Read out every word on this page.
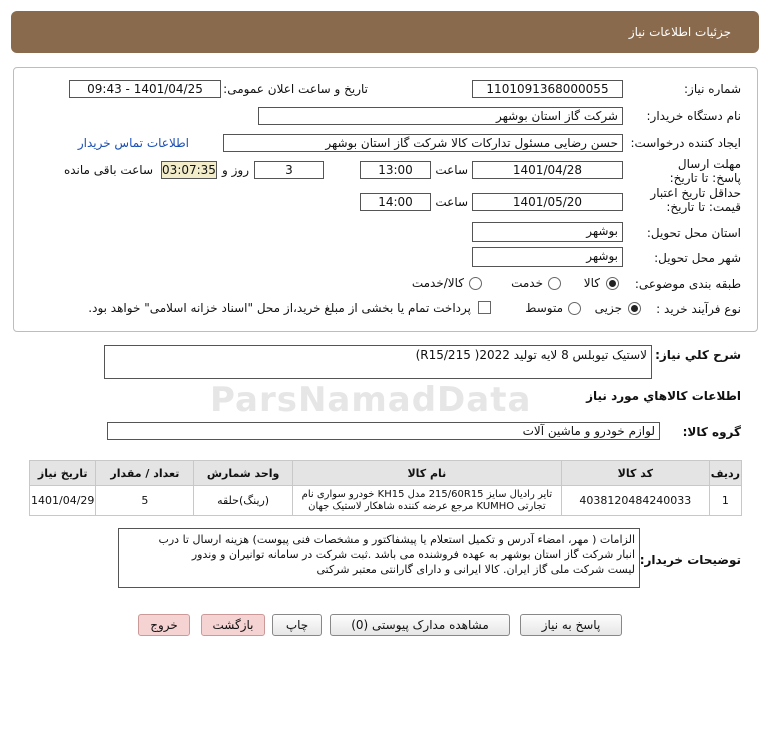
جزئیات اطلاعات نیاز
ParsNamadData
شماره نیاز:
1101091368000055
تاریخ و ساعت اعلان عمومی:
1401/04/25 - 09:43
نام دستگاه خریدار:
شرکت گاز استان بوشهر
ایجاد کننده درخواست:
حسن رضایی مسئول تدارکات کالا شرکت گاز استان بوشهر
اطلاعات تماس خریدار
مهلت ارسال پاسخ: تا تاریخ:
1401/04/28
ساعت
13:00
3
روز و
03:07:35
ساعت باقی مانده
حداقل تاریخ اعتبار قیمت: تا تاریخ:
1401/05/20
ساعت
14:00
استان محل تحویل:
بوشهر
شهر محل تحویل:
بوشهر
طبقه بندی موضوعی:
کالا
خدمت
کالا/خدمت
نوع فرآیند خرید :
جزیی
متوسط
پرداخت تمام یا بخشی از مبلغ خرید،از محل "اسناد خزانه اسلامی" خواهد بود.
شرح کلي نياز:
لاستیک تیوبلس 8 لایه تولید 2022( R15/215)
اطلاعات کالاهاي مورد نياز
گروه کالا:
لوازم خودرو و ماشین آلات
ردیف	کد کالا	نام کالا	واحد شمارش	تعداد / مقدار	تاریخ نیاز
1	4038120484240033	تایر رادیال سایز 215/60R15 مدل KH15 خودرو سواری نام
تجارتی KUMHO مرجع عرضه کننده شاهکار لاستیک جهان	(رینگ)حلقه	5	1401/04/29
توضیحات خریدار:
الزامات ( مهر، امضاء آدرس و تکمیل استعلام یا پیشفاکتور و مشخصات فنی پیوست) هزینه ارسال تا درب
انبار شرکت گاز استان بوشهر به عهده فروشنده می باشد .ثبت شرکت در سامانه توانیران و وندور
لیست شرکت ملی گاز ایران. کالا ایرانی و دارای گارانتی معتبر شرکتی
پاسخ به نیاز
مشاهده مدارک پیوستی (0)
چاپ
بازگشت
خروج
